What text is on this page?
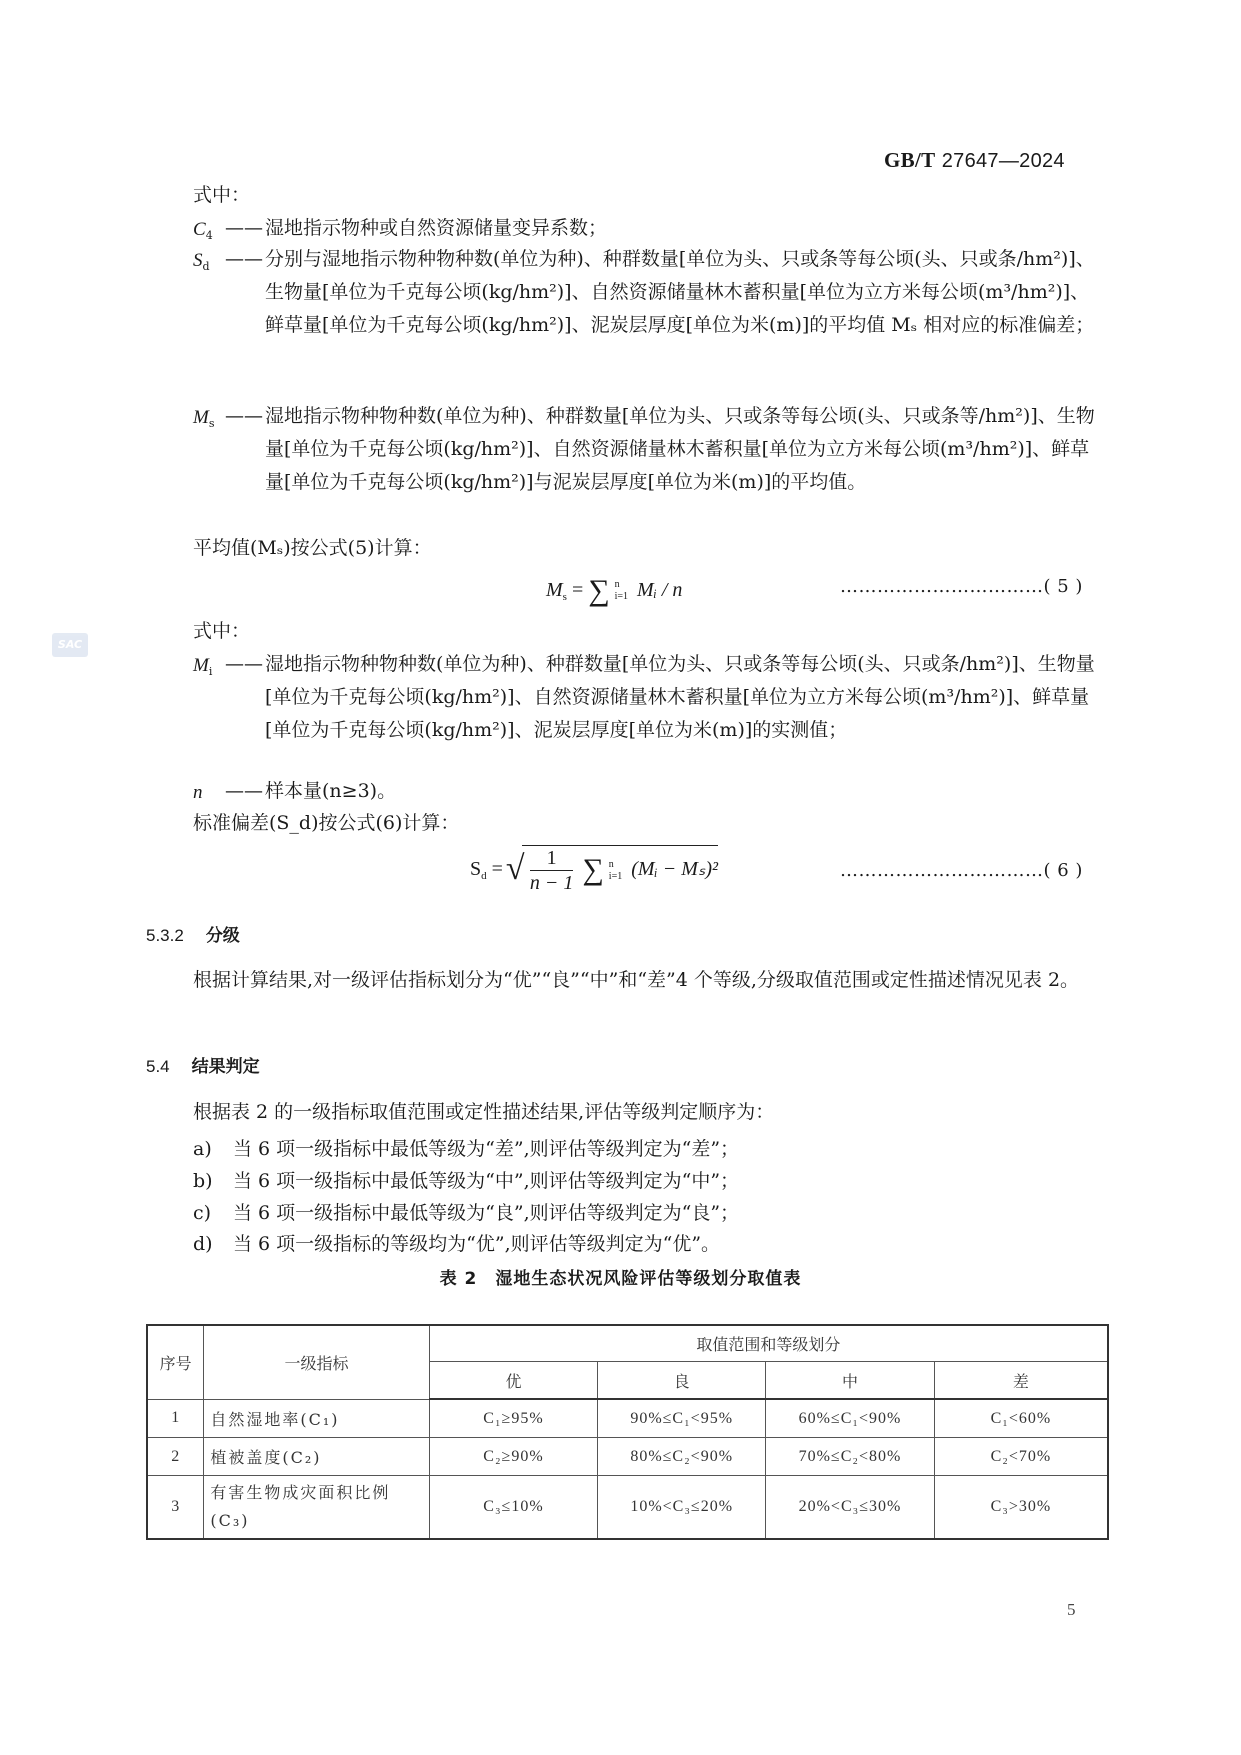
GB/T 27647—2024
SAC
式中：
$C_4$ —— 湿地指示物种或自然资源储量变异系数；
$S_d$ —— 分别与湿地指示物种物种数(单位为种)、种群数量[单位为头、只或条等每公顷(头、只或条/hm²)]、生物量[单位为千克每公顷(kg/hm²)]、自然资源储量林木蓄积量[单位为立方米每公顷(m³/hm²)]、鲜草量[单位为千克每公顷(kg/hm²)]、泥炭层厚度[单位为米(m)]的平均值 Mₛ 相对应的标准偏差；
$M_s$ —— 湿地指示物种物种数(单位为种)、种群数量[单位为头、只或条等每公顷(头、只或条等/hm²)]、生物量[单位为千克每公顷(kg/hm²)]、自然资源储量林木蓄积量[单位为立方米每公顷(m³/hm²)]、鲜草量[单位为千克每公顷(kg/hm²)]与泥炭层厚度[单位为米(m)]的平均值。
平均值(Mₛ)按公式(5)计算：
$M_s$ = ∑ n
i=1 Mᵢ / n	……………………………( 5 )
式中：
$M_i$ —— 湿地指示物种物种数(单位为种)、种群数量[单位为头、只或条等每公顷(头、只或条/hm²)]、生物量[单位为千克每公顷(kg/hm²)]、自然资源储量林木蓄积量[单位为立方米每公顷(m³/hm²)]、鲜草量[单位为千克每公顷(kg/hm²)]、泥炭层厚度[单位为米(m)]的实测值；
n	—— 样本量(n≥3)。
标准偏差(S_d)按公式(6)计算：
$S_d$ = √ $\frac{1}{n - 1}$ ∑ n
i=1 (Mᵢ − Mₛ)²	……………………………( 6 )
5.3.2 分级
根据计算结果,对一级评估指标划分为“优”“良”“中”和“差”4 个等级,分级取值范围或定性描述情况见表 2。
5.4 结果判定
根据表 2 的一级指标取值范围或定性描述结果,评估等级判定顺序为：
a) 当 6 项一级指标中最低等级为“差”,则评估等级判定为“差”；
b) 当 6 项一级指标中最低等级为“中”,则评估等级判定为“中”；
c) 当 6 项一级指标中最低等级为“良”,则评估等级判定为“良”；
d) 当 6 项一级指标的等级均为“优”,则评估等级判定为“优”。
表 2　湿地生态状况风险评估等级划分取值表
序号	一级指标	取值范围和等级划分			
		优	良	中	差
1	自然湿地率(C₁)	C₁≥95%	90%≤C₁<95%	60%≤C₁<90%	C₁<60%
2	植被盖度(C₂)	C₂≥90%	80%≤C₂<90%	70%≤C₂<80%	C₂<70%
3	有害生物成灾面积比例(C₃)	C₃≤10%	10%<C₃≤20%	20%<C₃≤30%	C₃>30%
5
